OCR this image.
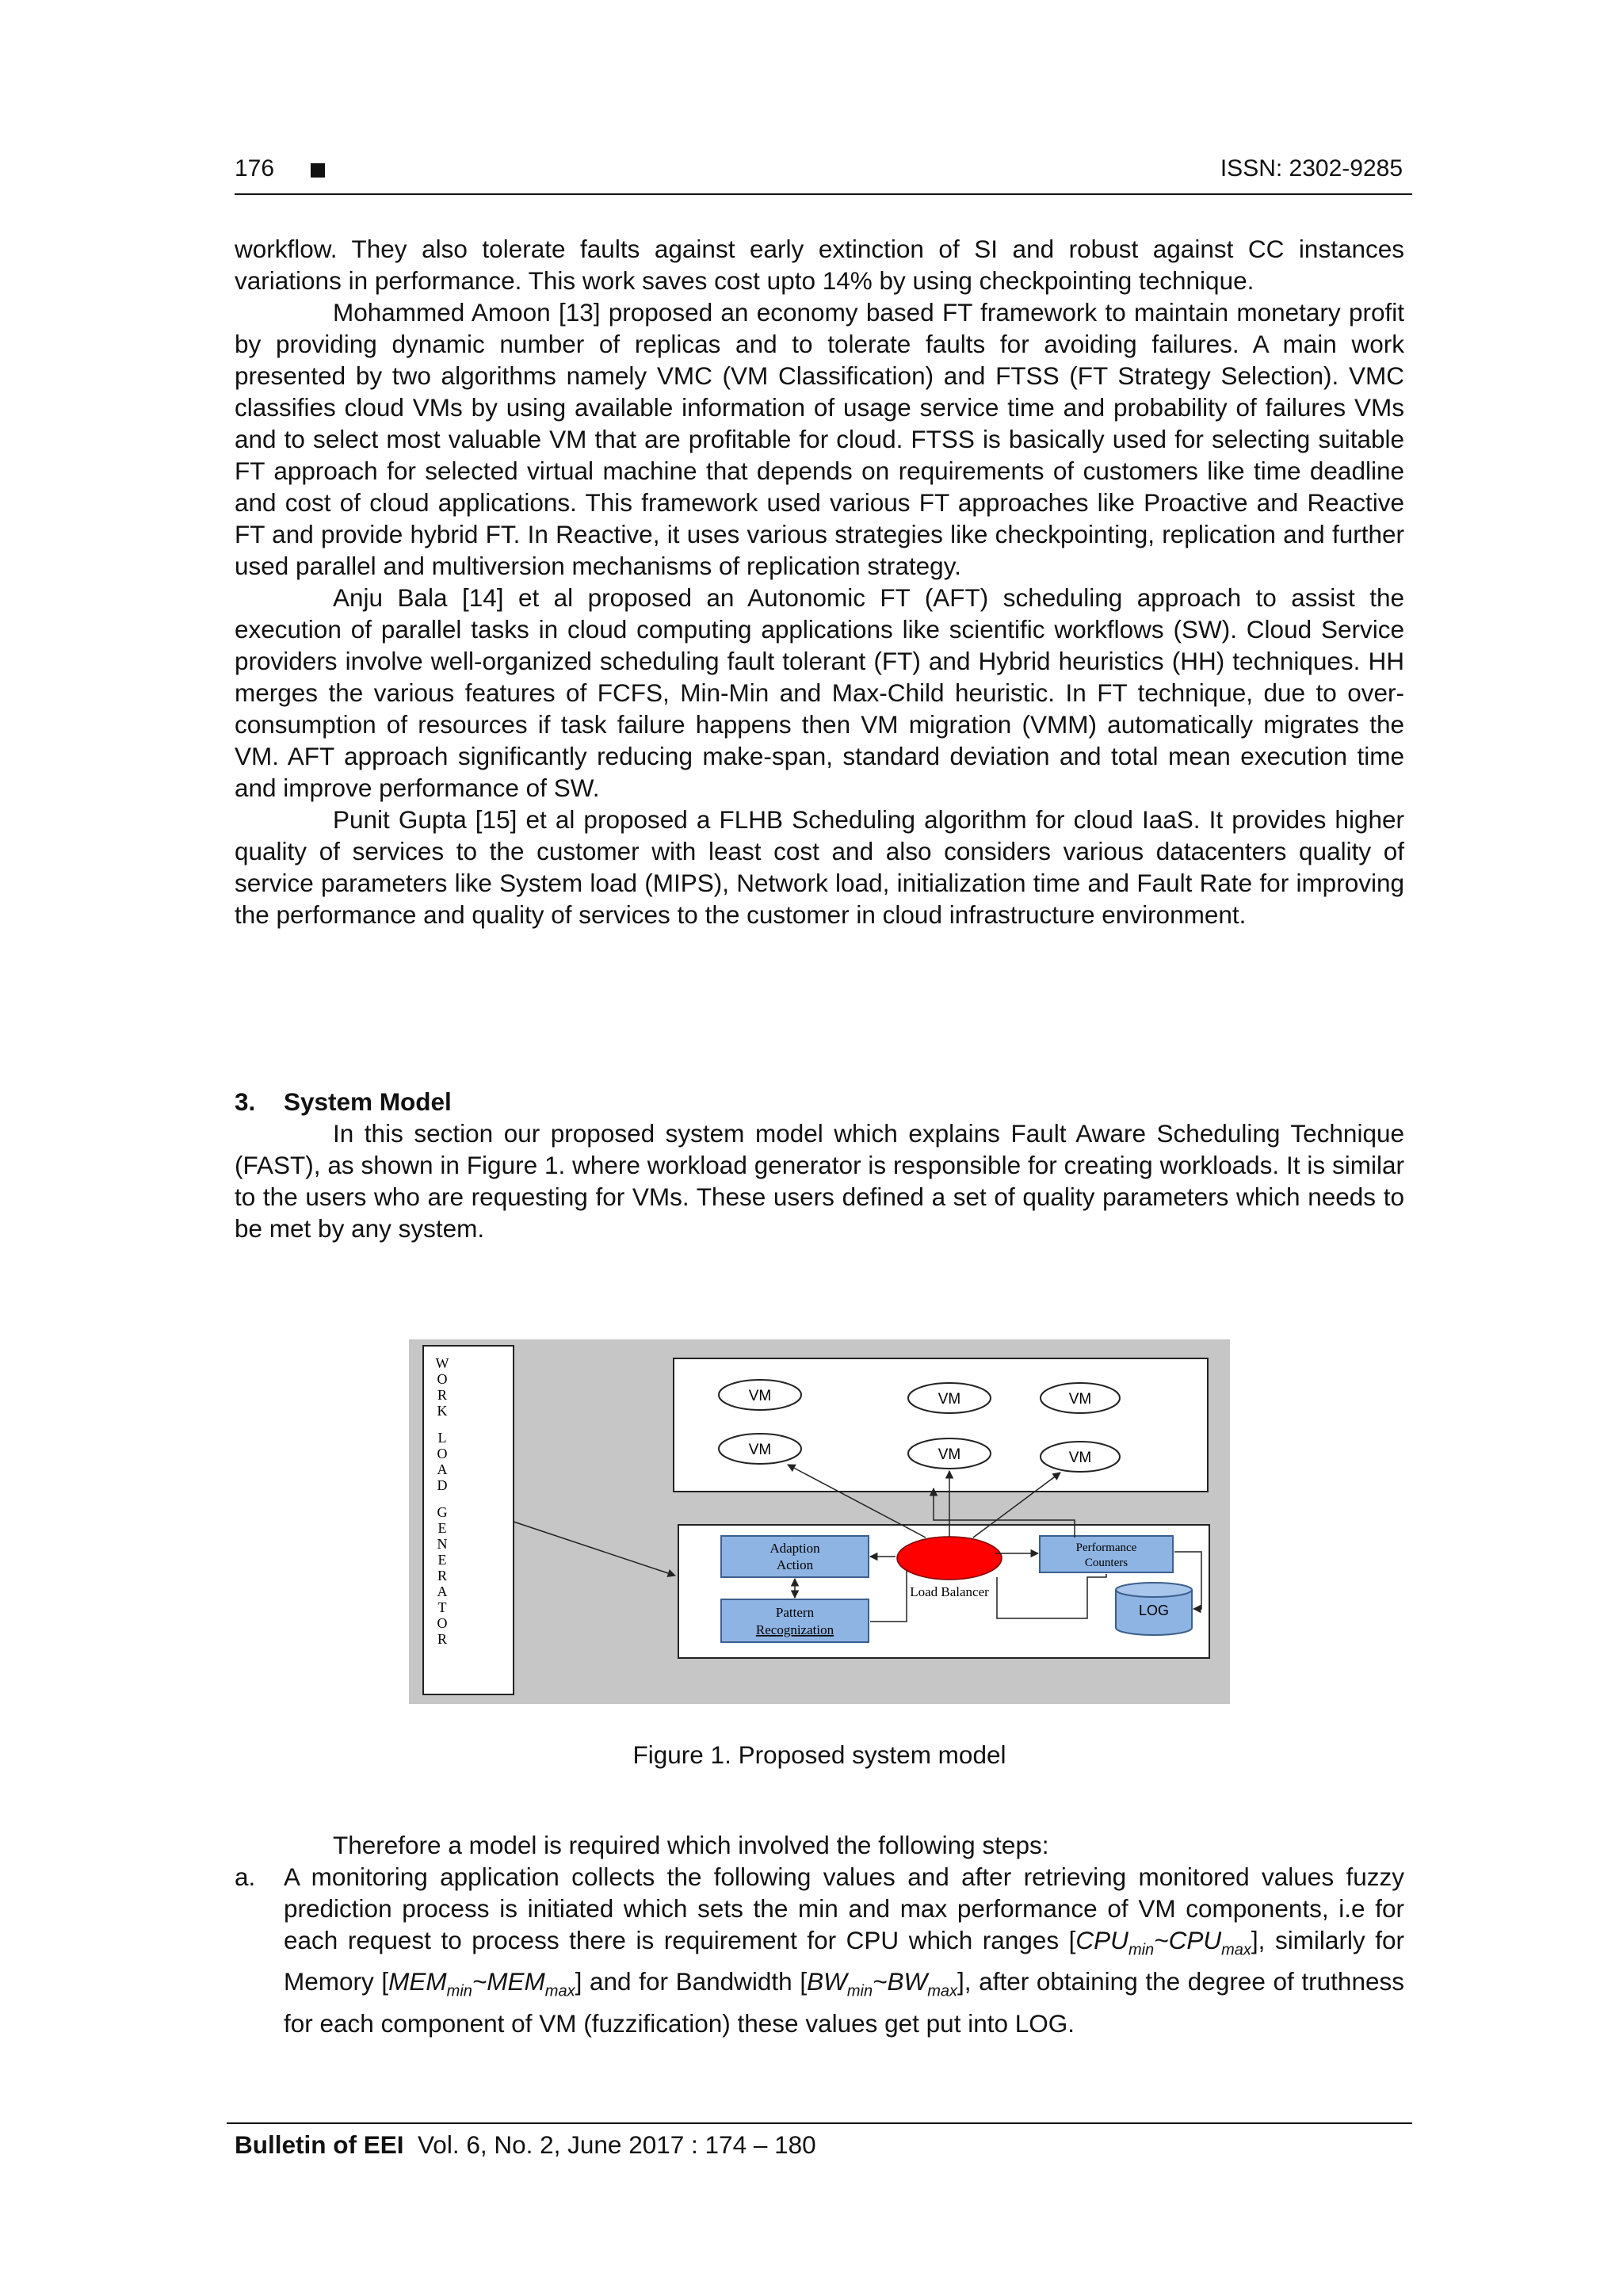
176	ISSN: 2302-9285

workflow. They also tolerate faults against early extinction of SI and robust against CC instances variations in performance. This work saves cost upto 14% by using checkpointing technique.

Mohammed Amoon [13] proposed an economy based FT framework to maintain monetary profit by providing dynamic number of replicas and to tolerate faults for avoiding failures. A main work presented by two algorithms namely VMC (VM Classification) and FTSS (FT Strategy Selection). VMC classifies cloud VMs by using available information of usage service time and probability of failures VMs and to select most valuable VM that are profitable for cloud. FTSS is basically used for selecting suitable FT approach for selected virtual machine that depends on requirements of customers like time deadline and cost of cloud applications. This framework used various FT approaches like Proactive and Reactive FT and provide hybrid FT. In Reactive, it uses various strategies like checkpointing, replication and further used parallel and multiversion mechanisms of replication strategy.

Anju Bala [14] et al proposed an Autonomic FT (AFT) scheduling approach to assist the execution of parallel tasks in cloud computing applications like scientific workflows (SW). Cloud Service providers involve well-organized scheduling fault tolerant (FT) and Hybrid heuristics (HH) techniques. HH merges the various features of FCFS, Min-Min and Max-Child heuristic. In FT technique, due to over-consumption of resources if task failure happens then VM migration (VMM) automatically migrates the VM. AFT approach significantly reducing make-span, standard deviation and total mean execution time and improve performance of SW.

Punit Gupta [15] et al proposed a FLHB Scheduling algorithm for cloud IaaS. It provides higher quality of services to the customer with least cost and also considers various datacenters quality of service parameters like System load (MIPS), Network load, initialization time and Fault Rate for improving the performance and quality of services to the customer in cloud infrastructure environment.

3. System Model

In this section our proposed system model which explains Fault Aware Scheduling Technique (FAST), as shown in Figure 1. where workload generator is responsible for creating workloads. It is similar to the users who are requesting for VMs. These users defined a set of quality parameters which needs to be met by any system.

W
O
R
K
L
O
A
D
G
E
N
E
R
A
T
O
R
VM	VM	VM
VM	VM	VM
Adaption
Action
Pattern
Recognization
Load Balancer
Performance
Counters
LOG
Figure 1. Proposed system model

Therefore a model is required which involved the following steps:

a.	A monitoring application collects the following values and after retrieving monitored values fuzzy prediction process is initiated which sets the min and max performance of VM components, i.e for each request to process there is requirement for CPU which ranges $[CPU_{min}\sim CPU_{max}]$, similarly for Memory $[MEM_{min}\sim MEM_{max}]$ and for Bandwidth $[BW_{min}\sim BW_{max}]$, after obtaining the degree of truthness for each component of VM (fuzzification) these values get put into LOG.
Bulletin of EEI Vol. 6, No. 2, June 2017 : 174 – 180
